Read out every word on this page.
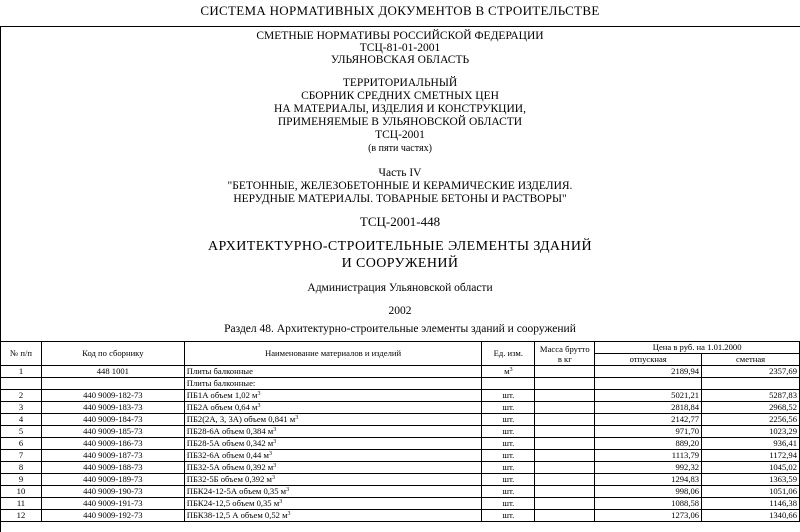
СИСТЕМА НОРМАТИВНЫХ ДОКУМЕНТОВ В СТРОИТЕЛЬСТВЕ
СМЕТНЫЕ НОРМАТИВЫ РОССИЙСКОЙ ФЕДЕРАЦИИ
ТСЦ-81-01-2001
УЛЬЯНОВСКАЯ ОБЛАСТЬ
ТЕРРИТОРИАЛЬНЫЙ
СБОРНИК СРЕДНИХ СМЕТНЫХ ЦЕН
НА МАТЕРИАЛЫ, ИЗДЕЛИЯ И КОНСТРУКЦИИ,
ПРИМЕНЯЕМЫЕ В УЛЬЯНОВСКОЙ ОБЛАСТИ
ТСЦ-2001
(в пяти частях)
Часть IV
"БЕТОННЫЕ, ЖЕЛЕЗОБЕТОННЫЕ И КЕРАМИЧЕСКИЕ ИЗДЕЛИЯ.
НЕРУДНЫЕ МАТЕРИАЛЫ. ТОВАРНЫЕ БЕТОНЫ И РАСТВОРЫ"
ТСЦ-2001-448
АРХИТЕКТУРНО-СТРОИТЕЛЬНЫЕ ЭЛЕМЕНТЫ ЗДАНИЙ
И СООРУЖЕНИЙ
Администрация Ульяновской области
2002
Раздел 48. Архитектурно-строительные элементы зданий и сооружений
№ п/п	Код по сборнику	Наименование материалов и изделий	Ед. изм.	Масса брутто в кг	Цена в руб. на 1.01.2000	
					отпускная	сметная
1	448 1001	Плиты балконные	$м^3$		2189,94	2357,69
		Плиты балконные:				
2	440 9009-182-73	ПБ1А объем 1,02 $м^3$	шт.		5021,21	5287,83
3	440 9009-183-73	ПБ2А объем 0,64 $м^3$	шт.		2818,84	2968,52
4	440 9009-184-73	ПБ2(2А, 3, 3А) объем 0,841 $м^3$	шт.		2142,77	2256,56
5	440 9009-185-73	ПБ28-6А объем 0,384 $м^3$	шт.		971,70	1023,29
6	440 9009-186-73	ПБ28-5А объем 0,342 $м^3$	шт.		889,20	936,41
7	440 9009-187-73	ПБ32-6А объем 0,44 $м^3$	шт.		1113,79	1172,94
8	440 9009-188-73	ПБ32-5А объем 0,392 $м^3$	шт.		992,32	1045,02
9	440 9009-189-73	ПБ32-5Б объем 0,392 $м^3$	шт.		1294,83	1363,59
10	440 9009-190-73	ПБК24-12-5А объем 0,35 $м^3$	шт.		998,06	1051,06
11	440 9009-191-73	ПБК24-12,5 объем 0,35 $м^3$	шт.		1088,58	1146,38
12	440 9009-192-73	ПБК38-12,5 А объем 0,52 $м^3$	шт.		1273,06	1340,66
